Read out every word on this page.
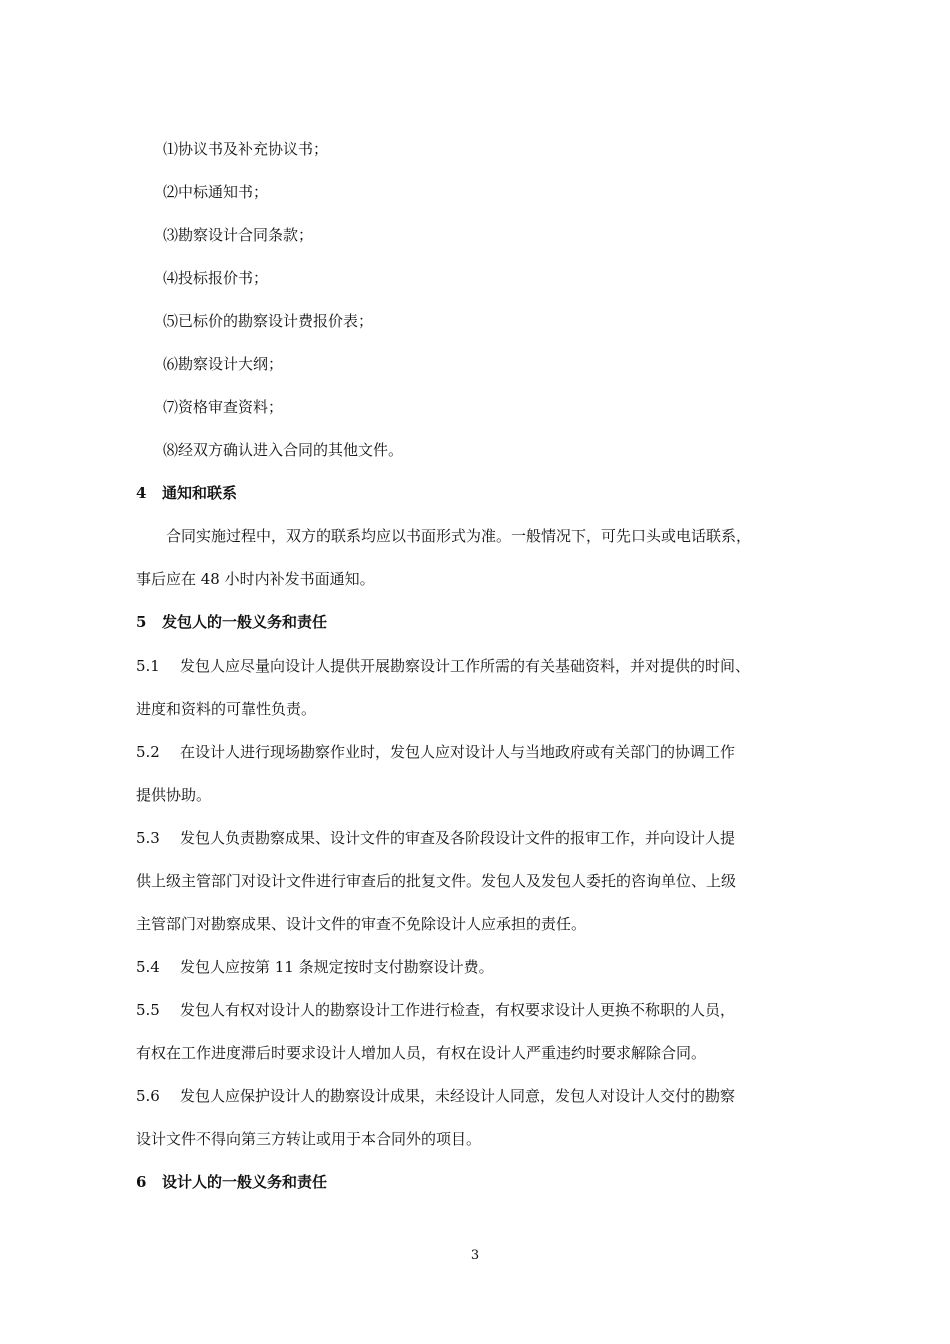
⑴协议书及补充协议书；
⑵中标通知书；
⑶勘察设计合同条款；
⑷投标报价书；
⑸已标价的勘察设计费报价表；
⑹勘察设计大纲；
⑺资格审查资料；
⑻经双方确认进入合同的其他文件。
4 通知和联系
合同实施过程中，双方的联系均应以书面形式为准。一般情况下，可先口头或电话联系，
事后应在 48 小时内补发书面通知。
5 发包人的一般义务和责任
5.1 发包人应尽量向设计人提供开展勘察设计工作所需的有关基础资料，并对提供的时间、
进度和资料的可靠性负责。
5.2 在设计人进行现场勘察作业时，发包人应对设计人与当地政府或有关部门的协调工作
提供协助。
5.3 发包人负责勘察成果、设计文件的审查及各阶段设计文件的报审工作，并向设计人提
供上级主管部门对设计文件进行审查后的批复文件。发包人及发包人委托的咨询单位、上级
主管部门对勘察成果、设计文件的审查不免除设计人应承担的责任。
5.4 发包人应按第 11 条规定按时支付勘察设计费。
5.5 发包人有权对设计人的勘察设计工作进行检查，有权要求设计人更换不称职的人员，
有权在工作进度滞后时要求设计人增加人员，有权在设计人严重违约时要求解除合同。
5.6 发包人应保护设计人的勘察设计成果，未经设计人同意，发包人对设计人交付的勘察
设计文件不得向第三方转让或用于本合同外的项目。
6 设计人的一般义务和责任
3
